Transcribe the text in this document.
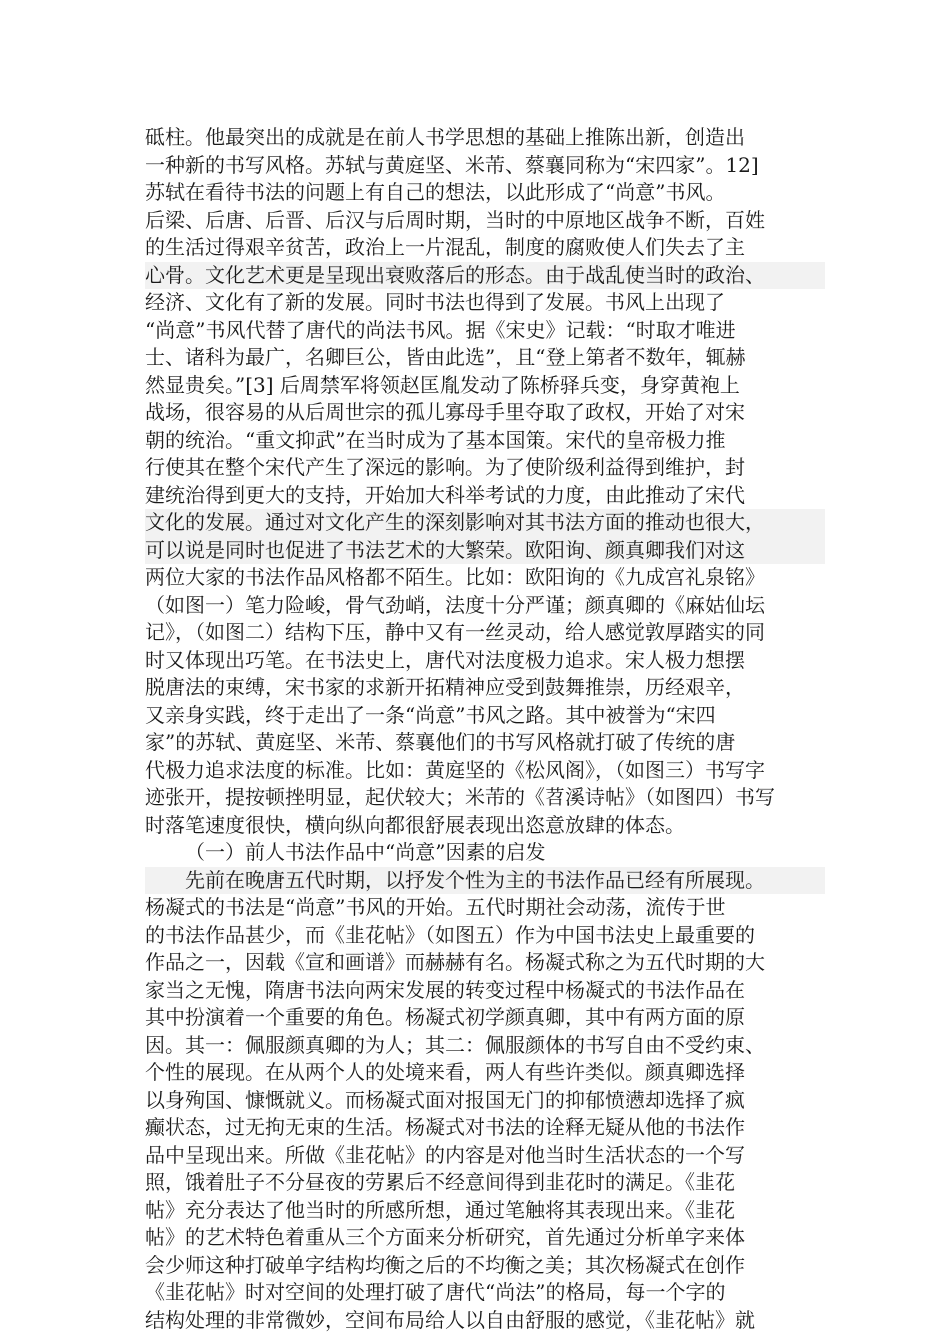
砥柱。他最突出的成就是在前人书学思想的基础上推陈出新，创造出
一种新的书写风格。苏轼与黄庭坚、米芾、蔡襄同称为“宋四家”。12]
苏轼在看待书法的问题上有自己的想法，以此形成了“尚意”书风。
后梁、后唐、后晋、后汉与后周时期，当时的中原地区战争不断，百姓
的生活过得艰辛贫苦，政治上一片混乱，制度的腐败使人们失去了主
心骨。文化艺术更是呈现出衰败落后的形态。由于战乱使当时的政治、
经济、文化有了新的发展。同时书法也得到了发展。书风上出现了
“尚意”书风代替了唐代的尚法书风。据《宋史》记载：“时取才唯进
士、诸科为最广，名卿巨公，皆由此选”，且“登上第者不数年，辄赫
然显贵矣。”[3] 后周禁军将领赵匡胤发动了陈桥驿兵变，身穿黄袍上
战场，很容易的从后周世宗的孤儿寡母手里夺取了政权，开始了对宋
朝的统治。“重文抑武”在当时成为了基本国策。宋代的皇帝极力推
行使其在整个宋代产生了深远的影响。为了使阶级利益得到维护，封
建统治得到更大的支持，开始加大科举考试的力度，由此推动了宋代
文化的发展。通过对文化产生的深刻影响对其书法方面的推动也很大，
可以说是同时也促进了书法艺术的大繁荣。欧阳询、颜真卿我们对这
两位大家的书法作品风格都不陌生。比如：欧阳询的《九成宫礼泉铭》
（如图一）笔力险峻，骨气劲峭，法度十分严谨；颜真卿的《麻姑仙坛
记》，（如图二）结构下压，静中又有一丝灵动，给人感觉敦厚踏实的同
时又体现出巧笔。在书法史上，唐代对法度极力追求。宋人极力想摆
脱唐法的束缚，宋书家的求新开拓精神应受到鼓舞推崇，历经艰辛，
又亲身实践，终于走出了一条“尚意”书风之路。其中被誉为“宋四
家”的苏轼、黄庭坚、米芾、蔡襄他们的书写风格就打破了传统的唐
代极力追求法度的标准。比如：黄庭坚的《松风阁》，（如图三）书写字
迹张开，提按顿挫明显，起伏较大；米芾的《苕溪诗帖》（如图四）书写
时落笔速度很快，横向纵向都很舒展表现出恣意放肆的体态。
（一）前人书法作品中“尚意”因素的启发
先前在晚唐五代时期，以抒发个性为主的书法作品已经有所展现。
杨凝式的书法是“尚意”书风的开始。五代时期社会动荡，流传于世
的书法作品甚少，而《韭花帖》（如图五）作为中国书法史上最重要的
作品之一，因载《宣和画谱》而赫赫有名。杨凝式称之为五代时期的大
家当之无愧，隋唐书法向两宋发展的转变过程中杨凝式的书法作品在
其中扮演着一个重要的角色。杨凝式初学颜真卿，其中有两方面的原
因。其一：佩服颜真卿的为人；其二：佩服颜体的书写自由不受约束、
个性的展现。在从两个人的处境来看，两人有些许类似。颜真卿选择
以身殉国、慷慨就义。而杨凝式面对报国无门的抑郁愤懑却选择了疯
癫状态，过无拘无束的生活。杨凝式对书法的诠释无疑从他的书法作
品中呈现出来。所做《韭花帖》的内容是对他当时生活状态的一个写
照，饿着肚子不分昼夜的劳累后不经意间得到韭花时的满足。《韭花
帖》充分表达了他当时的所感所想，通过笔触将其表现出来。《韭花
帖》的艺术特色着重从三个方面来分析研究，首先通过分析单字来体
会少师这种打破单字结构均衡之后的不均衡之美；其次杨凝式在创作
《韭花帖》时对空间的处理打破了唐代“尚法”的格局，每一个字的
结构处理的非常微妙，空间布局给人以自由舒服的感觉，《韭花帖》就
